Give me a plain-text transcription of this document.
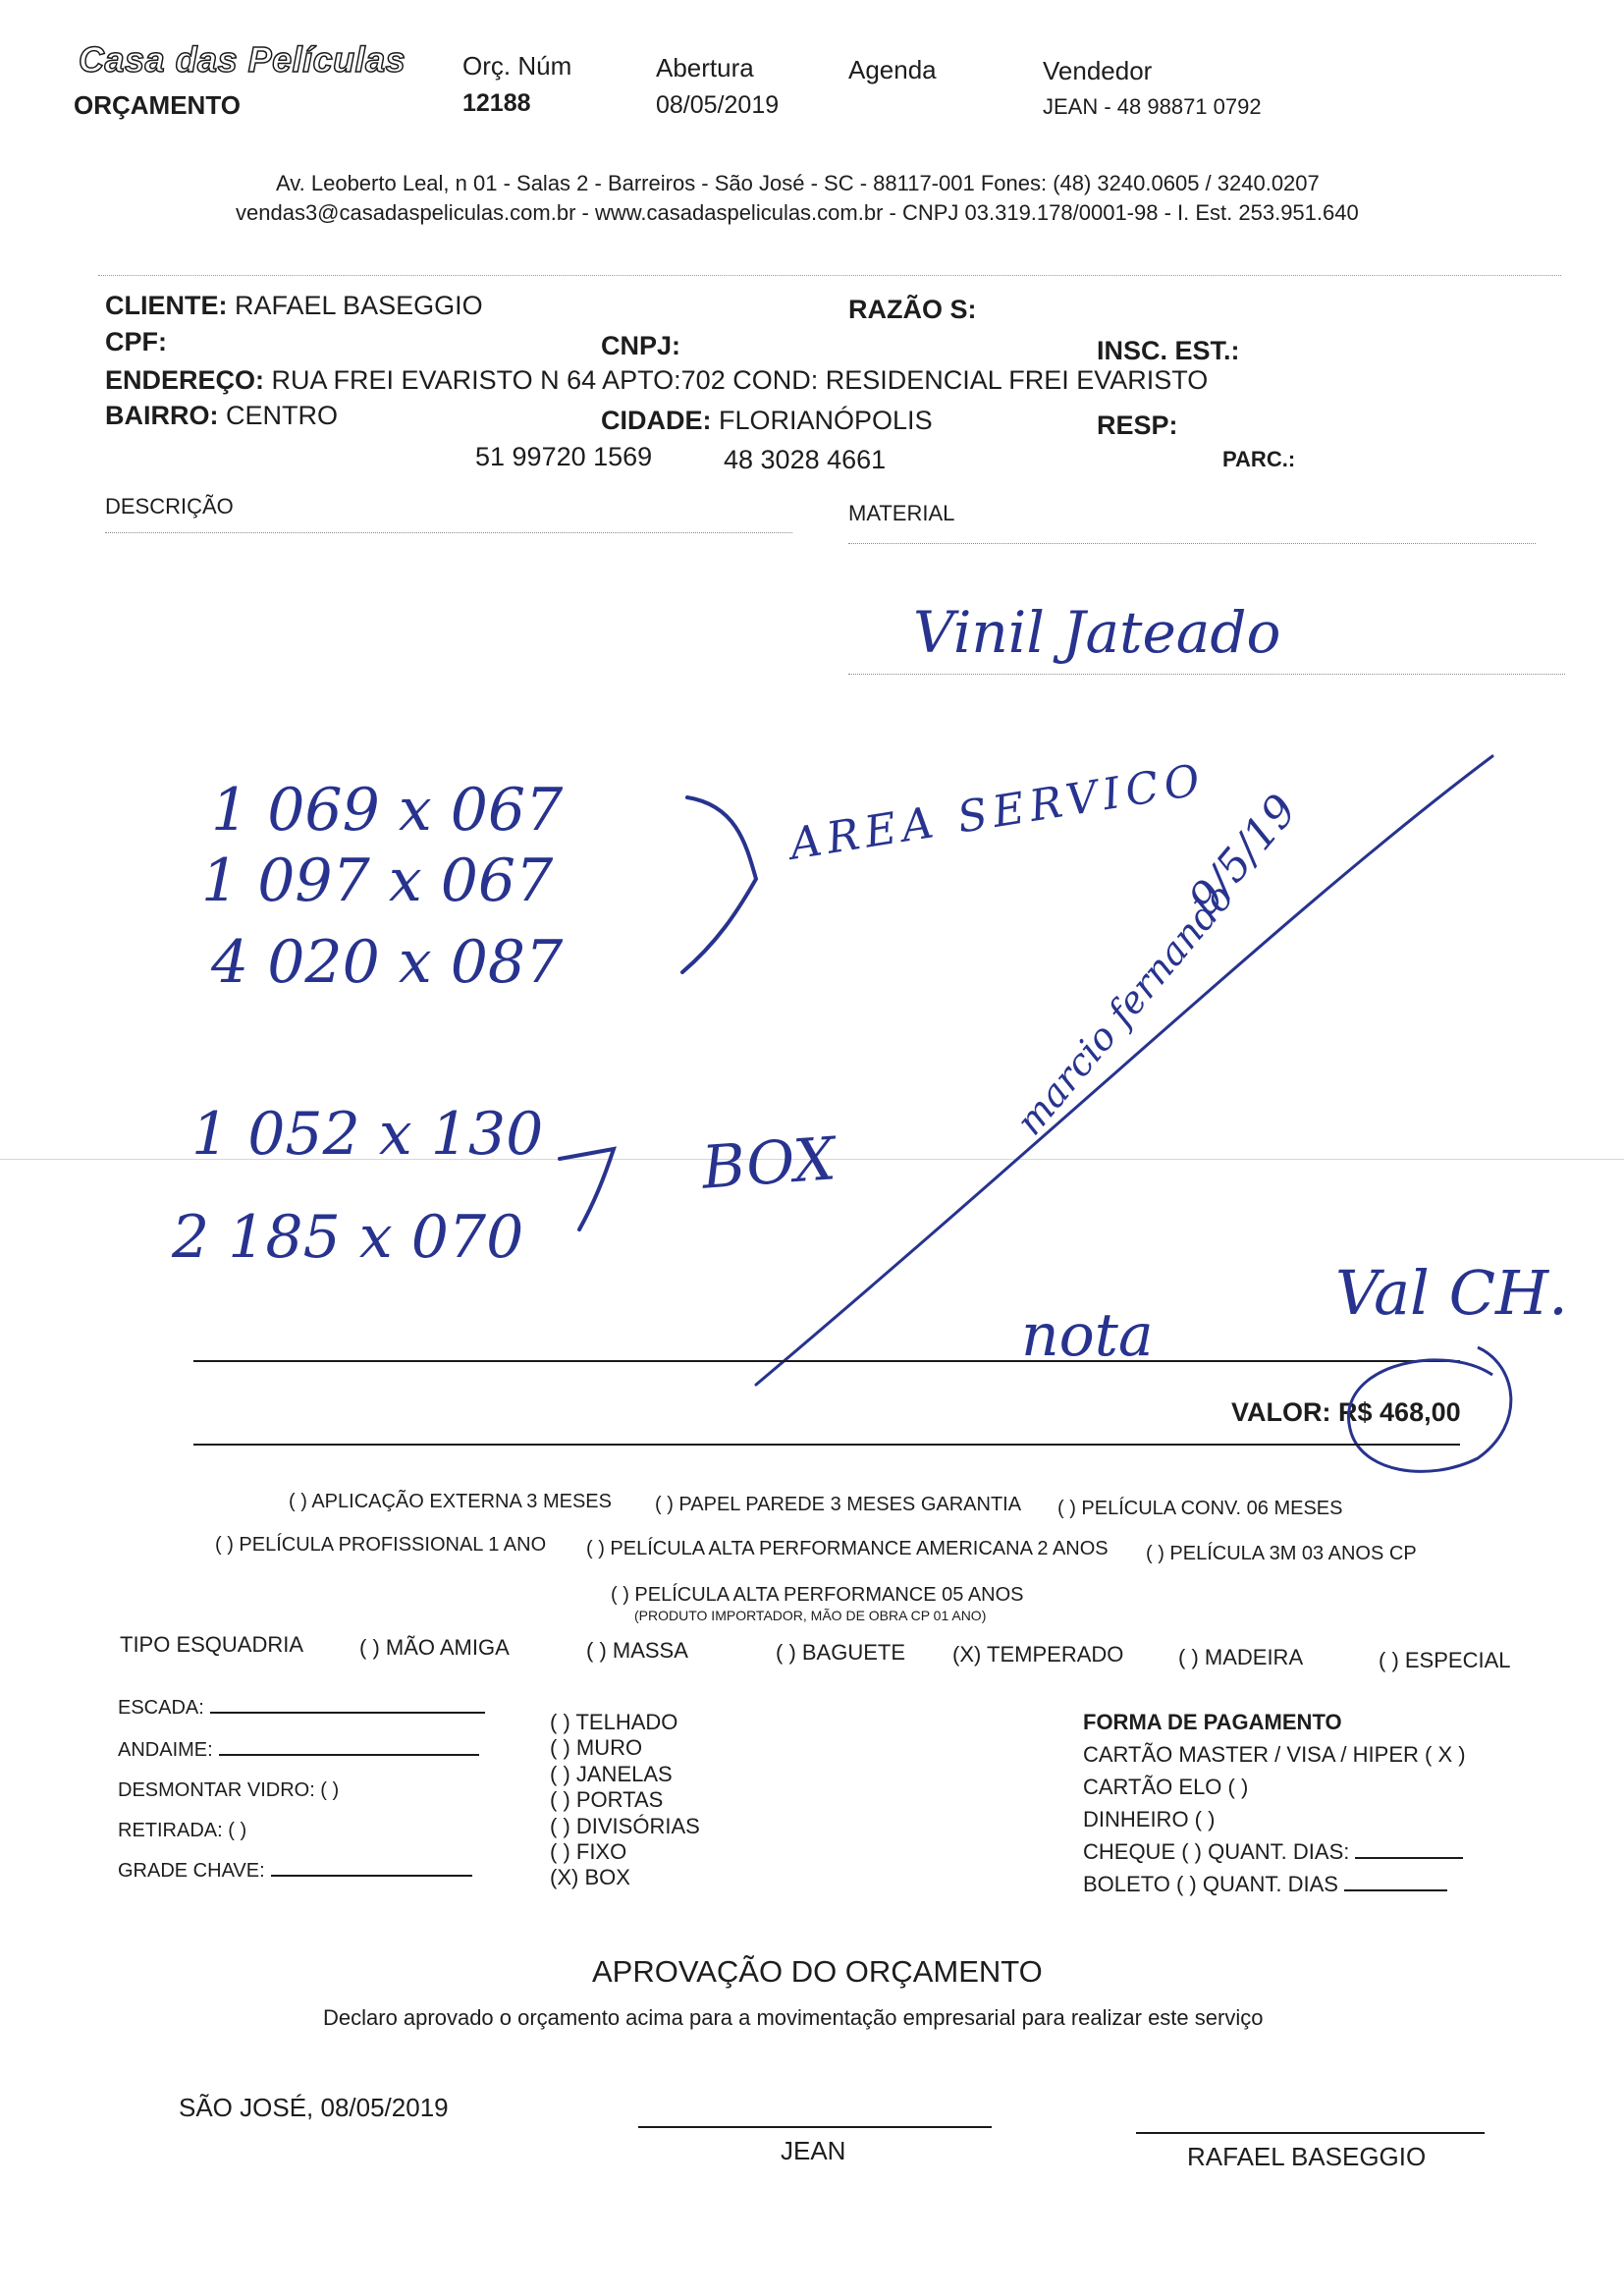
Casa das Películas
ORÇAMENTO
Orç. Núm
12188
Abertura
08/05/2019
Agenda	Vendedor
JEAN - 48 98871 0792
Av. Leoberto Leal, n 01 - Salas 2 - Barreiros - São José - SC - 88117-001 Fones: (48) 3240.0605 / 3240.0207
vendas3@casadaspeliculas.com.br - www.casadaspeliculas.com.br - CNPJ 03.319.178/0001-98 - I. Est. 253.951.640
CLIENTE: RAFAEL BASEGGIO	RAZÃO S:
CPF:	CNPJ:	INSC. EST.:
ENDEREÇO: RUA FREI EVARISTO N 64 APTO:702 COND: RESIDENCIAL FREI EVARISTO
BAIRRO: CENTRO	CIDADE: FLORIANÓPOLIS	RESP:
51 99720 1569	48 3028 4661	PARC.:
DESCRIÇÃO	MATERIAL
Vinil Jateado
1 069 x 067
1 097 x 067
4 020 x 087
AREA SERVICO
1 052 x 130
2 185 x 070
BOX
9/5/19
marcio fernando
nota
Val CH.
VALOR: R$ 468,00
( ) APLICAÇÃO EXTERNA 3 MESES ( ) PAPEL PAREDE 3 MESES GARANTIA ( ) PELÍCULA CONV. 06 MESES
( ) PELÍCULA PROFISSIONAL 1 ANO ( ) PELÍCULA ALTA PERFORMANCE AMERICANA 2 ANOS ( ) PELÍCULA 3M 03 ANOS CP
( ) PELÍCULA ALTA PERFORMANCE 05 ANOS
(PRODUTO IMPORTADOR, MÃO DE OBRA CP 01 ANO)
TIPO ESQUADRIA	( ) MÃO AMIGA	( ) MASSA	( ) BAGUETE (X) TEMPERADO	( ) MADEIRA	( ) ESPECIAL
ESCADA:
ANDAIME:
DESMONTAR VIDRO: ( )
RETIRADA: ( )
GRADE CHAVE:
( ) TELHADO
( ) MURO
( ) JANELAS
( ) PORTAS
( ) DIVISÓRIAS
( ) FIXO
(X) BOX
FORMA DE PAGAMENTO
CARTÃO MASTER / VISA / HIPER ( X )
CARTÃO ELO ( )
DINHEIRO ( )
CHEQUE ( ) QUANT. DIAS:
BOLETO ( ) QUANT. DIAS
APROVAÇÃO DO ORÇAMENTO
Declaro aprovado o orçamento acima para a movimentação empresarial para realizar este serviço
SÃO JOSÉ, 08/05/2019
JEAN	RAFAEL BASEGGIO
